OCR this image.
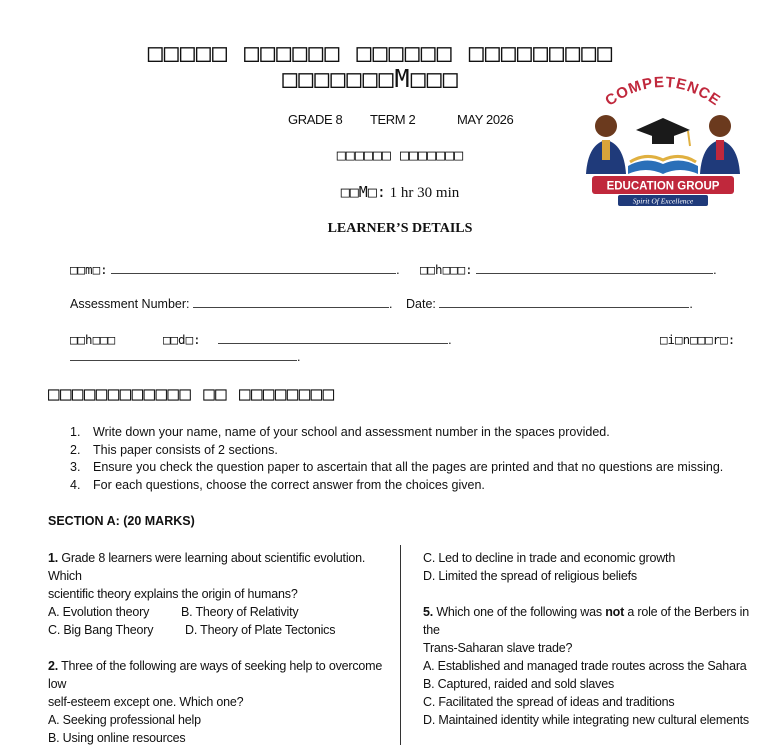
□□□□□ □□□□□□ □□□□□□ □□□□□□□□□
□□□□□□□M□□□
GRADE 8 TERM 2	MAY 2026
□□□□□□ □□□□□□□
□□M□: 1 hr 30 min
LEARNER’S DETAILS
COMPETENCE
EDUCATION GROUP
Spirit Of Excellence
□□m□:	. □□h□□□:	.
Assessment Number:	. Date:	.
□□h□□□	□□d□:	.	□i□n□□□r□:
.
□□□□□□□□□□□□ □□ □□□□□□□□
1. Write down your name, name of your school and assessment number in the spaces provided.
2. This paper consists of 2 sections.
3. Ensure you check the question paper to ascertain that all the pages are printed and that no questions are missing.
4. For each questions, choose the correct answer from the choices given.
SECTION A: (20 MARKS)

1. Grade 8 learners were learning about scientific evolution. Which

scientific theory explains the origin of humans?

A. Evolution theory	B. Theory of Relativity
C. Big Bang Theory	D. Theory of Plate Tectonics

2. Three of the following are ways of seeking help to overcome low

self-esteem except one. Which one?

A. Seeking professional help
B. Using online resources
C. Led to decline in trade and economic growth
D. Limited the spread of religious beliefs

5. Which one of the following was not a role of the Berbers in the

Trans-Saharan slave trade?

A. Established and managed trade routes across the Sahara
B. Captured, raided and sold slaves
C. Facilitated the spread of ideas and traditions
D. Maintained identity while integrating new cultural elements
